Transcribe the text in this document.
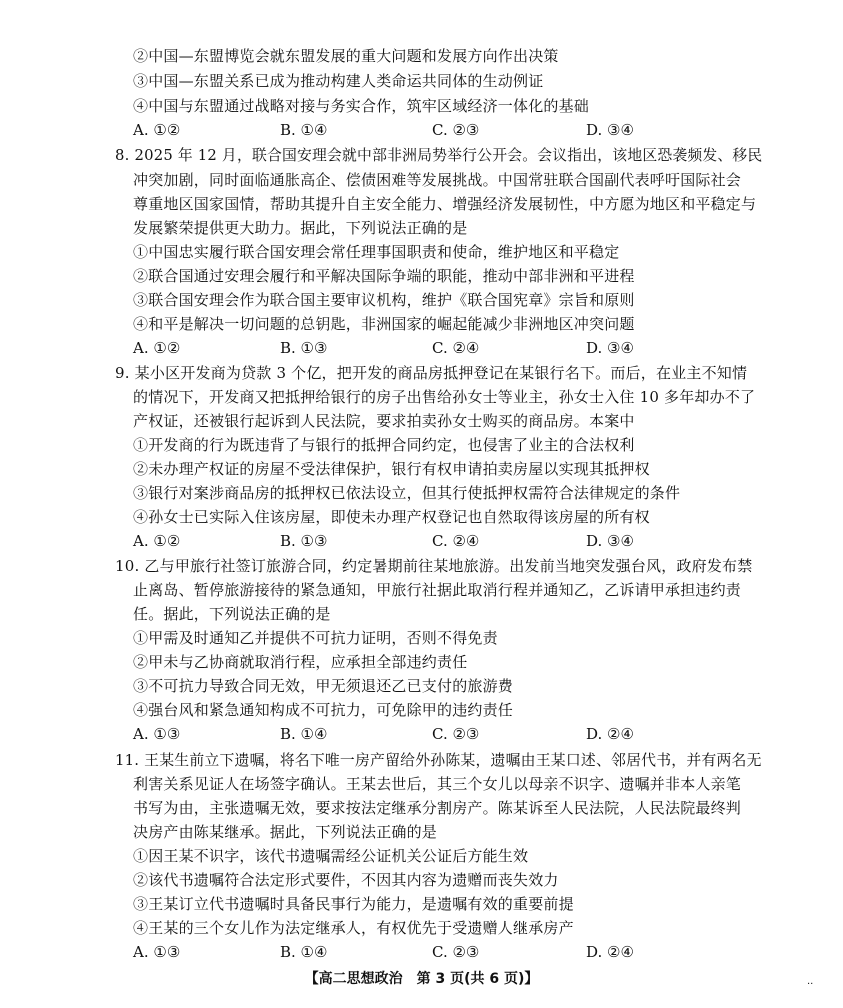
②中国—东盟博览会就东盟发展的重大问题和发展方向作出决策
③中国—东盟关系已成为推动构建人类命运共同体的生动例证
④中国与东盟通过战略对接与务实合作，筑牢区域经济一体化的基础
A. ①②	B. ①④	C. ②③	D. ③④
8. 2025 年 12 月，联合国安理会就中部非洲局势举行公开会。会议指出，该地区恐袭频发、移民
冲突加剧，同时面临通胀高企、偿债困难等发展挑战。中国常驻联合国副代表呼吁国际社会
尊重地区国家国情，帮助其提升自主安全能力、增强经济发展韧性，中方愿为地区和平稳定与
发展繁荣提供更大助力。据此，下列说法正确的是
①中国忠实履行联合国安理会常任理事国职责和使命，维护地区和平稳定
②联合国通过安理会履行和平解决国际争端的职能，推动中部非洲和平进程
③联合国安理会作为联合国主要审议机构，维护《联合国宪章》宗旨和原则
④和平是解决一切问题的总钥匙，非洲国家的崛起能减少非洲地区冲突问题
A. ①②	B. ①③	C. ②④	D. ③④
9. 某小区开发商为贷款 3 个亿，把开发的商品房抵押登记在某银行名下。而后，在业主不知情
的情况下，开发商又把抵押给银行的房子出售给孙女士等业主，孙女士入住 10 多年却办不了
产权证，还被银行起诉到人民法院，要求拍卖孙女士购买的商品房。本案中
①开发商的行为既违背了与银行的抵押合同约定，也侵害了业主的合法权利
②未办理产权证的房屋不受法律保护，银行有权申请拍卖房屋以实现其抵押权
③银行对案涉商品房的抵押权已依法设立，但其行使抵押权需符合法律规定的条件
④孙女士已实际入住该房屋，即使未办理产权登记也自然取得该房屋的所有权
A. ①②	B. ①③	C. ②④	D. ③④
10. 乙与甲旅行社签订旅游合同，约定暑期前往某地旅游。出发前当地突发强台风，政府发布禁
止离岛、暂停旅游接待的紧急通知，甲旅行社据此取消行程并通知乙，乙诉请甲承担违约责
任。据此，下列说法正确的是
①甲需及时通知乙并提供不可抗力证明，否则不得免责
②甲未与乙协商就取消行程，应承担全部违约责任
③不可抗力导致合同无效，甲无须退还乙已支付的旅游费
④强台风和紧急通知构成不可抗力，可免除甲的违约责任
A. ①③	B. ①④	C. ②③	D. ②④
11. 王某生前立下遗嘱，将名下唯一房产留给外孙陈某，遗嘱由王某口述、邻居代书，并有两名无
利害关系见证人在场签字确认。王某去世后，其三个女儿以母亲不识字、遗嘱并非本人亲笔
书写为由，主张遗嘱无效，要求按法定继承分割房产。陈某诉至人民法院，人民法院最终判
决房产由陈某继承。据此，下列说法正确的是
①因王某不识字，该代书遗嘱需经公证机关公证后方能生效
②该代书遗嘱符合法定形式要件，不因其内容为遗赠而丧失效力
③王某订立代书遗嘱时具备民事行为能力，是遗嘱有效的重要前提
④王某的三个女儿作为法定继承人，有权优先于受遗赠人继承房产
A. ①③	B. ①④	C. ②③	D. ②④
【高二思想政治　第 3 页(共 6 页)】	··
